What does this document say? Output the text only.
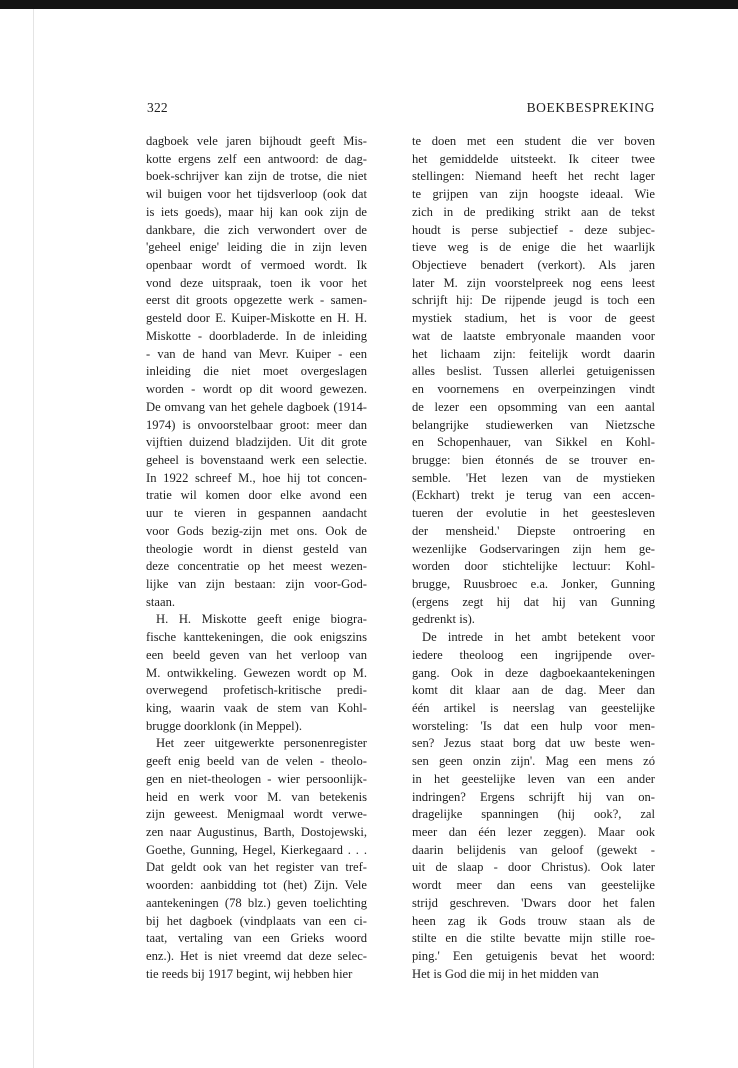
322	BOEKBESPREKING

dagboek vele jaren bijhoudt geeft Mis-
kotte ergens zelf een antwoord: de dag-
boek-schrijver kan zijn de trotse, die niet
wil buigen voor het tijdsverloop (ook dat
is iets goeds), maar hij kan ook zijn de
dankbare, die zich verwondert over de
'geheel enige' leiding die in zijn leven
openbaar wordt of vermoed wordt. Ik
vond deze uitspraak, toen ik voor het
eerst dit groots opgezette werk - samen-
gesteld door E. Kuiper-Miskotte en H. H.
Miskotte - doorbladerde. In de inleiding
- van de hand van Mevr. Kuiper - een
inleiding die niet moet overgeslagen
worden - wordt op dit woord gewezen.
De omvang van het gehele dagboek (1914-
1974) is onvoorstelbaar groot: meer dan
vijftien duizend bladzijden. Uit dit grote
geheel is bovenstaand werk een selectie.
In 1922 schreef M., hoe hij tot concen-
tratie wil komen door elke avond een
uur te vieren in gespannen aandacht
voor Gods bezig-zijn met ons. Ook de
theologie wordt in dienst gesteld van
deze concentratie op het meest wezen-
lijke van zijn bestaan: zijn voor-God-
staan.

H. H. Miskotte geeft enige biogra-
fische kanttekeningen, die ook enigszins
een beeld geven van het verloop van
M. ontwikkeling. Gewezen wordt op M.
overwegend profetisch-kritische predi-
king, waarin vaak de stem van Kohl-
brugge doorklonk (in Meppel).

Het zeer uitgewerkte personenregister
geeft enig beeld van de velen - theolo-
gen en niet-theologen - wier persoonlijk-
heid en werk voor M. van betekenis
zijn geweest. Menigmaal wordt verwe-
zen naar Augustinus, Barth, Dostojewski,
Goethe, Gunning, Hegel, Kierkegaard . . .
Dat geldt ook van het register van tref-
woorden: aanbidding tot (het) Zijn. Vele
aantekeningen (78 blz.) geven toelichting
bij het dagboek (vindplaats van een ci-
taat, vertaling van een Grieks woord
enz.). Het is niet vreemd dat deze selec-
tie reeds bij 1917 begint, wij hebben hier

te doen met een student die ver boven
het gemiddelde uitsteekt. Ik citeer twee
stellingen: Niemand heeft het recht lager
te grijpen van zijn hoogste ideaal. Wie
zich in de prediking strikt aan de tekst
houdt is perse subjectief - deze subjec-
tieve weg is de enige die het waarlijk
Objectieve benadert (verkort). Als jaren
later M. zijn voorstelpreek nog eens leest
schrijft hij: De rijpende jeugd is toch een
mystiek stadium, het is voor de geest
wat de laatste embryonale maanden voor
het lichaam zijn: feitelijk wordt daarin
alles beslist. Tussen allerlei getuigenissen
en voornemens en overpeinzingen vindt
de lezer een opsomming van een aantal
belangrijke studiewerken van Nietzsche
en Schopenhauer, van Sikkel en Kohl-
brugge: bien étonnés de se trouver en-
semble. 'Het lezen van de mystieken
(Eckhart) trekt je terug van een accen-
tueren der evolutie in het geestesleven
der mensheid.' Diepste ontroering en
wezenlijke Godservaringen zijn hem ge-
worden door stichtelijke lectuur: Kohl-
brugge, Ruusbroec e.a. Jonker, Gunning
(ergens zegt hij dat hij van Gunning
gedrenkt is).

De intrede in het ambt betekent voor
iedere theoloog een ingrijpende over-
gang. Ook in deze dagboekaantekeningen
komt dit klaar aan de dag. Meer dan
één artikel is neerslag van geestelijke
worsteling: 'Is dat een hulp voor men-
sen? Jezus staat borg dat uw beste wen-
sen geen onzin zijn'. Mag een mens zó
in het geestelijke leven van een ander
indringen? Ergens schrijft hij van on-
dragelijke spanningen (hij ook?, zal
meer dan één lezer zeggen). Maar ook
daarin belijdenis van geloof (gewekt -
uit de slaap - door Christus). Ook later
wordt meer dan eens van geestelijke
strijd geschreven. 'Dwars door het falen
heen zag ik Gods trouw staan als de
stilte en die stilte bevatte mijn stille roe-
ping.' Een getuigenis bevat het woord:
Het is God die mij in het midden van
